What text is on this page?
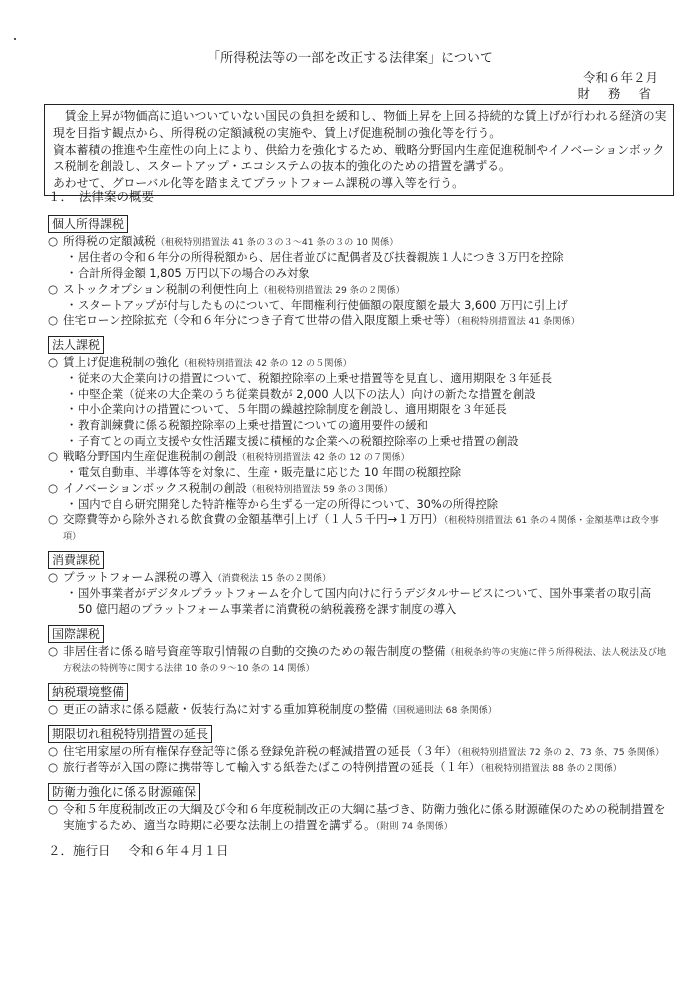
「所得税法等の一部を改正する法律案」について
令和６年２月
財 務 省

賃金上昇が物価高に追いついていない国民の負担を緩和し、物価上昇を上回る持続的な賃上げが行われる経済の実現を目指す観点から、所得税の定額減税の実施や、賃上げ促進税制の強化等を行う。

資本蓄積の推進や生産性の向上により、供給力を強化するため、戦略分野国内生産促進税制やイノベーションボックス税制を創設し、スタートアップ・エコシステムの抜本的強化のための措置を講ずる。

あわせて、グローバル化等を踏まえてプラットフォーム課税の導入等を行う。

１． 法律案の概要
個人所得課税

○ 所得税の定額減税（租税特別措置法 41 条の３の３～41 条の３の 10 関係）

・居住者の令和６年分の所得税額から、居住者並びに配偶者及び扶養親族１人につき３万円を控除

・合計所得金額 1,805 万円以下の場合のみ対象

○ ストックオプション税制の利便性向上（租税特別措置法 29 条の２関係）

・スタートアップが付与したものについて、年間権利行使価額の限度額を最大 3,600 万円に引上げ

○ 住宅ローン控除拡充（令和６年分につき子育て世帯の借入限度額上乗せ等）（租税特別措置法 41 条関係）

法人課税

○ 賃上げ促進税制の強化（租税特別措置法 42 条の 12 の５関係）

・従来の大企業向けの措置について、税額控除率の上乗せ措置等を見直し、適用期限を３年延長

・中堅企業（従来の大企業のうち従業員数が 2,000 人以下の法人）向けの新たな措置を創設

・中小企業向けの措置について、５年間の繰越控除制度を創設し、適用期限を３年延長

・教育訓練費に係る税額控除率の上乗せ措置についての適用要件の緩和

・子育てとの両立支援や女性活躍支援に積極的な企業への税額控除率の上乗せ措置の創設

○ 戦略分野国内生産促進税制の創設（租税特別措置法 42 条の 12 の７関係）

・電気自動車、半導体等を対象に、生産・販売量に応じた 10 年間の税額控除

○ イノベーションボックス税制の創設（租税特別措置法 59 条の３関係）

・国内で自ら研究開発した特許権等から生ずる一定の所得について、30%の所得控除

○ 交際費等から除外される飲食費の金額基準引上げ（１人５千円→１万円）（租税特別措置法 61 条の４関係・金額基準は政令事項）

消費課税

○ プラットフォーム課税の導入（消費税法 15 条の２関係）

・国外事業者がデジタルプラットフォームを介して国内向けに行うデジタルサービスについて、国外事業者の取引高 50 億円超のプラットフォーム事業者に消費税の納税義務を課す制度の導入

国際課税

○ 非居住者に係る暗号資産等取引情報の自動的交換のための報告制度の整備（租税条約等の実施に伴う所得税法、法人税法及び地方税法の特例等に関する法律 10 条の９～10 条の 14 関係）

納税環境整備

○ 更正の請求に係る隠蔽・仮装行為に対する重加算税制度の整備（国税通則法 68 条関係）

期限切れ租税特別措置の延長

○ 住宅用家屋の所有権保存登記等に係る登録免許税の軽減措置の延長（３年）（租税特別措置法 72 条の 2、73 条、75 条関係）

○ 旅行者等が入国の際に携帯等して輸入する紙巻たばこの特例措置の延長（１年）（租税特別措置法 88 条の２関係）

防衛力強化に係る財源確保

○ 令和５年度税制改正の大綱及び令和６年度税制改正の大綱に基づき、防衛力強化に係る財源確保のための税制措置を実施するため、適当な時期に必要な法制上の措置を講ずる。（附則 74 条関係）

２．施行日 令和６年４月１日
